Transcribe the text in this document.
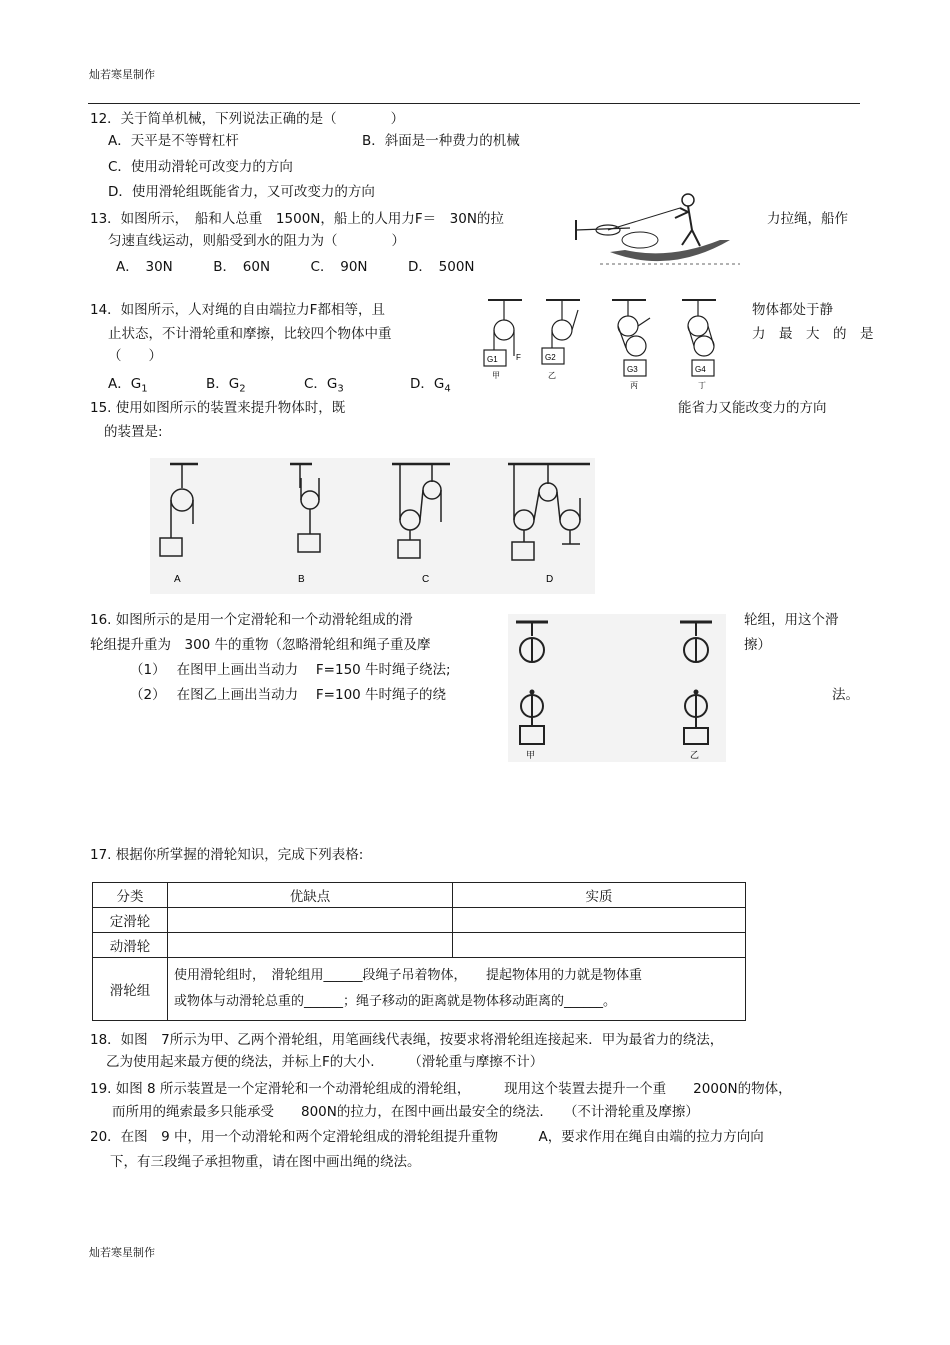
灿若寒星制作
12．关于简单机械，下列说法正确的是（　　　　）
A．天平是不等臂杠杆	B．斜面是一种费力的机械
C．使用动滑轮可改变力的方向
D．使用滑轮组既能省力，又可改变力的方向
13．如图所示，　船和人总重　1500N，船上的人用力F＝　30N的拉	力拉绳，船作
匀速直线运动，则船受到水的阻力为（　　　　）
A．　30N　　　B．　60N　　　C．　90N　　　D．　500N
14．如图所示，人对绳的自由端拉力F都相等，且	物体都处于静
止状态，不计滑轮重和摩擦，比较四个物体中重	力　最　大　的　是
（　　）
A．$G_1$	B．$G_2$	C．$G_3$	D．$G_4$
G1	G2
G3	G4
F
甲	乙
丙	丁
15. 使用如图所示的装置来提升物体时，既	能省力又能改变力的方向
的装置是:
A	B	C	D
16. 如图所示的是用一个定滑轮和一个动滑轮组成的滑	轮组，用这个滑
轮组提升重为　300 牛的重物（忽略滑轮组和绳子重及摩	擦）
（1）　 在图甲上画出当动力　 F=150 牛时绳子绕法;
（2）　 在图乙上画出当动力　 F=100 牛时绳子的绕	法。
甲	乙
17. 根据你所掌握的滑轮知识，完成下列表格:
分类	优缺点	实质
定滑轮		
动滑轮		
滑轮组	使用滑轮组时，　滑轮组用______段绳子吊着物体，　　提起物体用的力就是物体重
或物体与动滑轮总重的______；绳子移动的距离就是物体移动距离的______。	
18．如图　7所示为甲、乙两个滑轮组，用笔画线代表绳，按要求将滑轮组连接起来．甲为最省力的绕法，
乙为使用起来最方便的绕法，并标上F的大小.　　　（滑轮重与摩擦不计）
19. 如图 8 所示装置是一个定滑轮和一个动滑轮组成的滑轮组，　　　现用这个装置去提升一个重　　2000N的物体，
而所用的绳索最多只能承受　　800N的拉力，在图中画出最安全的绕法.　　（不计滑轮重及摩擦）
20．在图　9 中，用一个动滑轮和两个定滑轮组成的滑轮组提升重物　　　A，要求作用在绳自由端的拉力方向向
下，有三段绳子承担物重，请在图中画出绳的绕法。
灿若寒星制作
